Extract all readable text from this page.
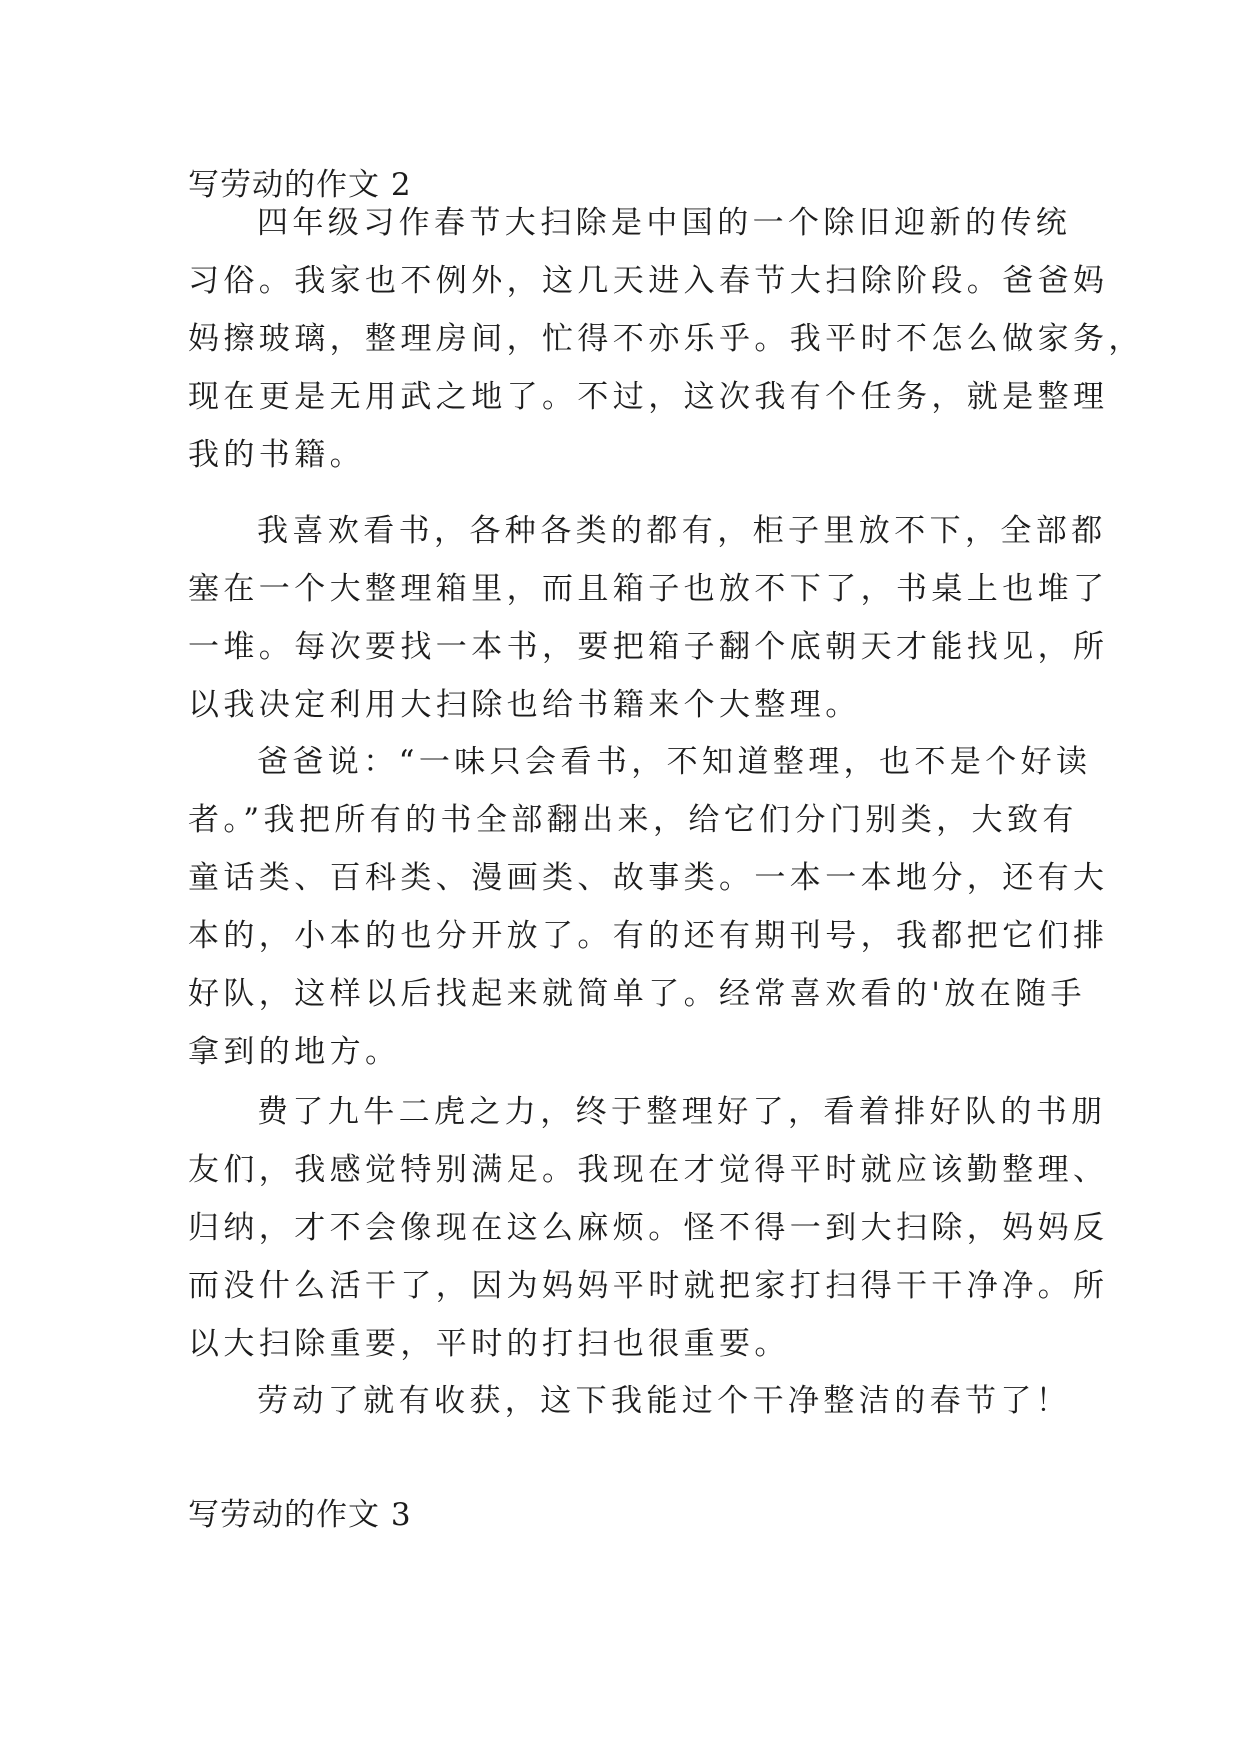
写劳动的作文 2
四年级习作春节大扫除是中国的一个除旧迎新的传统
习俗。我家也不例外，这几天进入春节大扫除阶段。爸爸妈
妈擦玻璃，整理房间，忙得不亦乐乎。我平时不怎么做家务，
现在更是无用武之地了。不过，这次我有个任务，就是整理
我的书籍。
我喜欢看书，各种各类的都有，柜子里放不下，全部都
塞在一个大整理箱里，而且箱子也放不下了，书桌上也堆了
一堆。每次要找一本书，要把箱子翻个底朝天才能找见，所
以我决定利用大扫除也给书籍来个大整理。
爸爸说：“一味只会看书，不知道整理，也不是个好读
者。”我把所有的书全部翻出来，给它们分门别类，大致有
童话类、百科类、漫画类、故事类。一本一本地分，还有大
本的，小本的也分开放了。有的还有期刊号，我都把它们排
好队，这样以后找起来就简单了。经常喜欢看的'放在随手
拿到的地方。
费了九牛二虎之力，终于整理好了，看着排好队的书朋
友们，我感觉特别满足。我现在才觉得平时就应该勤整理、
归纳，才不会像现在这么麻烦。怪不得一到大扫除，妈妈反
而没什么活干了，因为妈妈平时就把家打扫得干干净净。所
以大扫除重要，平时的打扫也很重要。
劳动了就有收获，这下我能过个干净整洁的春节了！
写劳动的作文 3
